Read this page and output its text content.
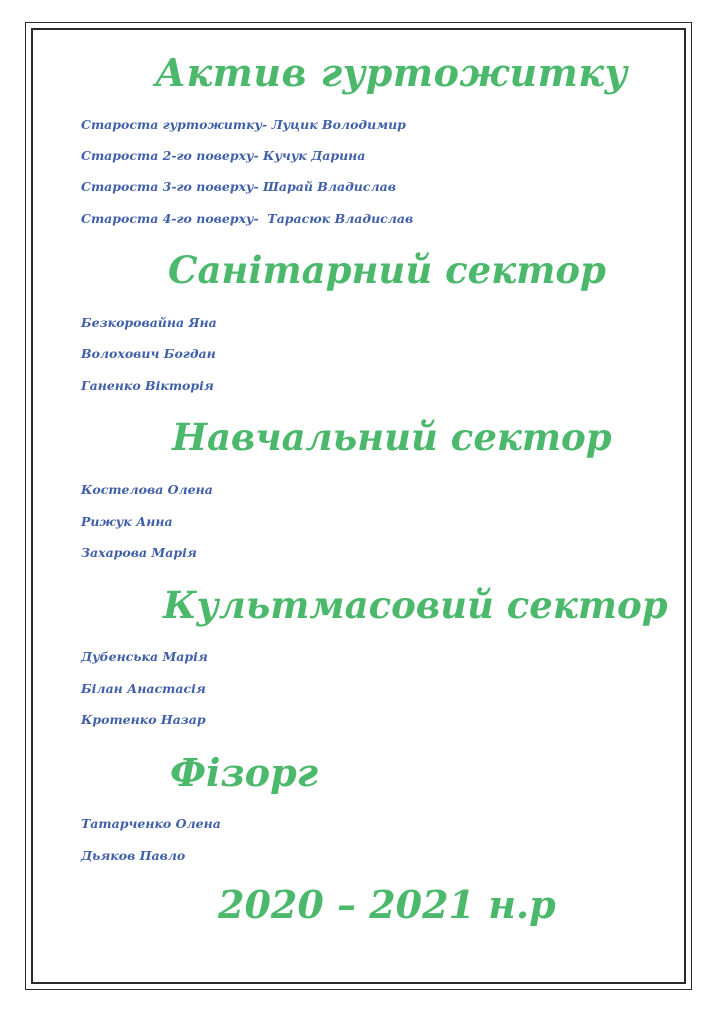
Актив гуртожитку

Староста гуртожитку- Луцик Володимир

Староста 2-го поверху- Кучук Дарина

Староста 3-го поверху- Шарай Владислав

Староста 4-го поверху-  Тарасюк Владислав

Санітарний сектор

Безкоровайна Яна

Волохович Богдан

Ганенко Вікторія

Навчальний сектор

Костелова Олена

Рижук Анна

Захарова Марія

Культмасовий сектор

Дубенська Марія

Білан Анастасія

Кротенко Назар

Фізорг

Татарченко Олена

Дьяков Павло

2020 – 2021 н.р
